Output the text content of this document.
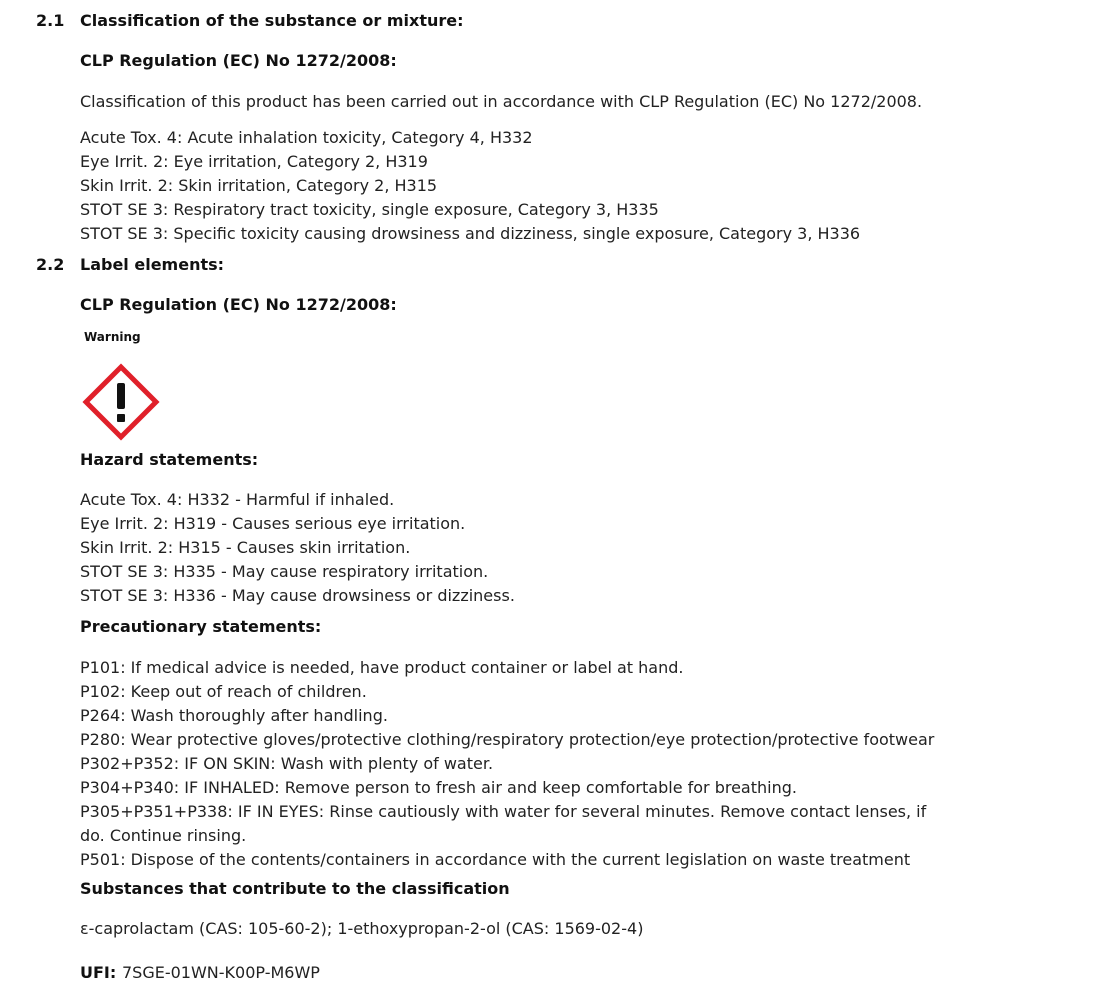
2.1 Classification of the substance or mixture:
CLP Regulation (EC) No 1272/2008:
Classification of this product has been carried out in accordance with CLP Regulation (EC) No 1272/2008.
Acute Tox. 4: Acute inhalation toxicity, Category 4, H332
Eye Irrit. 2: Eye irritation, Category 2, H319
Skin Irrit. 2: Skin irritation, Category 2, H315
STOT SE 3: Respiratory tract toxicity, single exposure, Category 3, H335
STOT SE 3: Specific toxicity causing drowsiness and dizziness, single exposure, Category 3, H336
2.2 Label elements:
CLP Regulation (EC) No 1272/2008:
Warning
Hazard statements:
Acute Tox. 4: H332 - Harmful if inhaled.
Eye Irrit. 2: H319 - Causes serious eye irritation.
Skin Irrit. 2: H315 - Causes skin irritation.
STOT SE 3: H335 - May cause respiratory irritation.
STOT SE 3: H336 - May cause drowsiness or dizziness.
Precautionary statements:
P101: If medical advice is needed, have product container or label at hand.
P102: Keep out of reach of children.
P264: Wash thoroughly after handling.
P280: Wear protective gloves/protective clothing/respiratory protection/eye protection/protective footwear
P302+P352: IF ON SKIN: Wash with plenty of water.
P304+P340: IF INHALED: Remove person to fresh air and keep comfortable for breathing.
P305+P351+P338: IF IN EYES: Rinse cautiously with water for several minutes. Remove contact lenses, if
do. Continue rinsing.
P501: Dispose of the contents/containers in accordance with the current legislation on waste treatment
Substances that contribute to the classification
ε-caprolactam (CAS: 105-60-2); 1-ethoxypropan-2-ol (CAS: 1569-02-4)
UFI: 7SGE-01WN-K00P-M6WP
